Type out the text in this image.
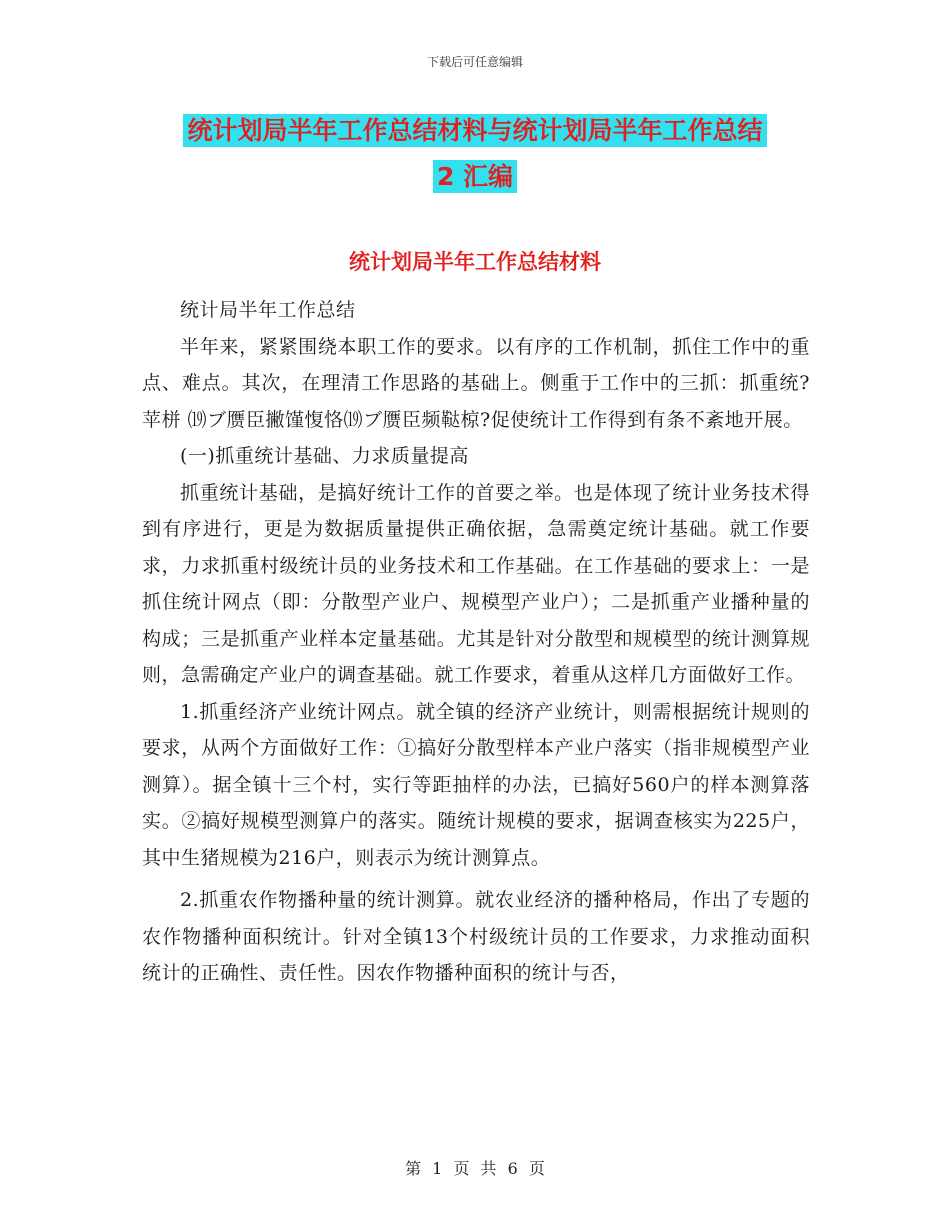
下载后可任意编辑
统计划局半年工作总结材料与统计划局半年工作总结
2 汇编
统计划局半年工作总结材料

统计局半年工作总结

半年来，紧紧围绕本职工作的要求。以有序的工作机制，抓住工作中的重点、难点。其次，在理清工作思路的基础上。侧重于工作中的三抓：抓重统?苹栟 ⒆ブ赝臣撇馑愎恪⒆ブ赝臣频鞑椋?促使统计工作得到有条不紊地开展。

(一)抓重统计基础、力求质量提高

抓重统计基础，是搞好统计工作的首要之举。也是体现了统计业务技术得到有序进行，更是为数据质量提供正确依据，急需奠定统计基础。就工作要求，力求抓重村级统计员的业务技术和工作基础。在工作基础的要求上：一是抓住统计网点（即：分散型产业户、规模型产业户）；二是抓重产业播种量的构成；三是抓重产业样本定量基础。尤其是针对分散型和规模型的统计测算规则，急需确定产业户的调查基础。就工作要求，着重从这样几方面做好工作。

1.抓重经济产业统计网点。就全镇的经济产业统计，则需根据统计规则的要求，从两个方面做好工作：①搞好分散型样本产业户落实（指非规模型产业测算）。据全镇十三个村，实行等距抽样的办法，已搞好560户的样本测算落实。②搞好规模型测算户的落实。随统计规模的要求，据调查核实为225户，其中生猪规模为216户，则表示为统计测算点。

2.抓重农作物播种量的统计测算。就农业经济的播种格局，作出了专题的农作物播种面积统计。针对全镇13个村级统计员的工作要求，力求推动面积统计的正确性、责任性。因农作物播种面积的统计与否，

第 1 页 共 6 页
